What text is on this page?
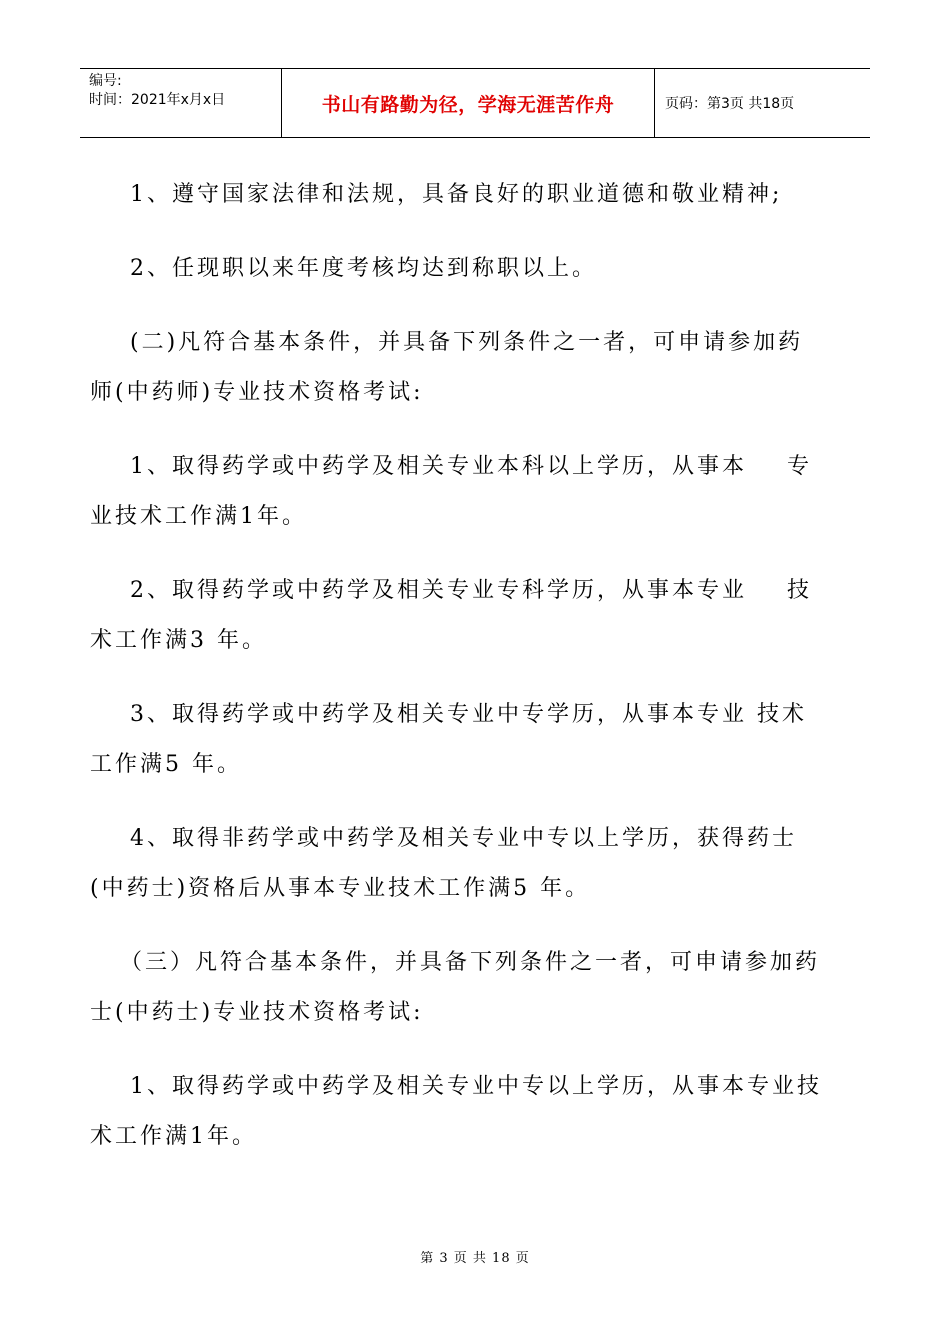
编号:
时间：2021年x月x日	书山有路勤为径，学海无涯苦作舟	页码：第3页 共18页
1、遵守国家法律和法规，具备良好的职业道德和敬业精神;
2、任现职以来年度考核均达到称职以上。
(二)凡符合基本条件，并具备下列条件之一者，可申请参加药
师(中药师)专业技术资格考试:
1、取得药学或中药学及相关专业本科以上学历，从事本    专
业技术工作满1年。
2、取得药学或中药学及相关专业专科学历，从事本专业    技
术工作满3 年。
3、取得药学或中药学及相关专业中专学历，从事本专业 技术
工作满5 年。
4、取得非药学或中药学及相关专业中专以上学历，获得药士
(中药士)资格后从事本专业技术工作满5 年。
（三）凡符合基本条件，并具备下列条件之一者，可申请参加药
士(中药士)专业技术资格考试:
1、取得药学或中药学及相关专业中专以上学历，从事本专业技
术工作满1年。
第 3 页 共 18 页
